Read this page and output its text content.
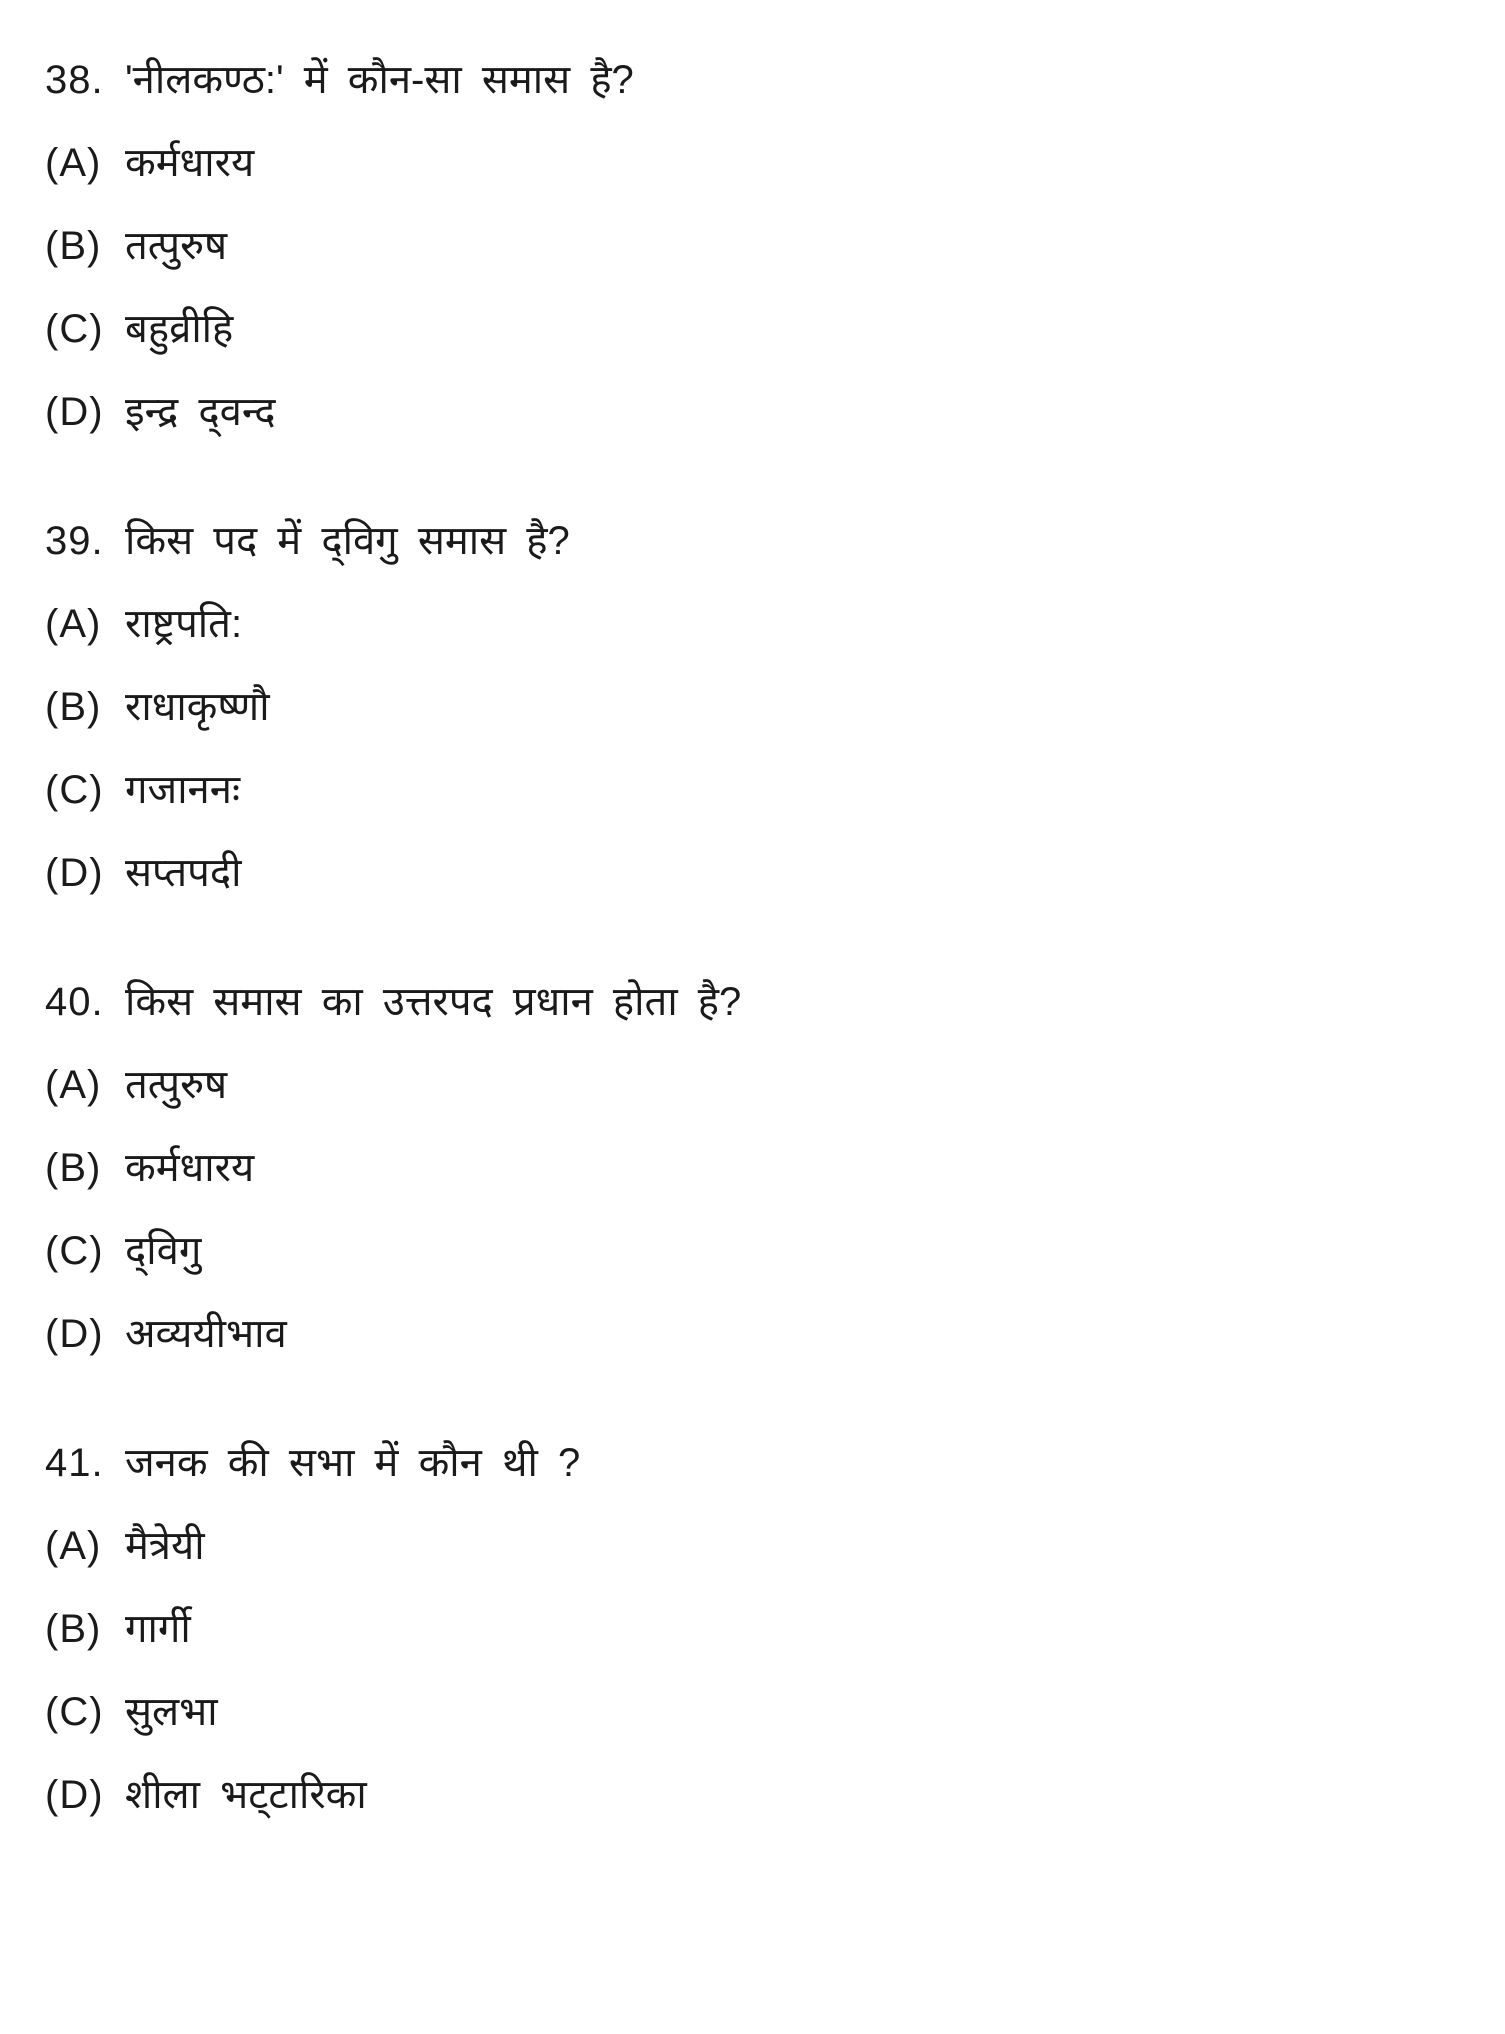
38. 'नीलकण्ठ:' में कौन-सा समास है?
(A) कर्मधारय
(B) तत्पुरुष
(C) बहुव्रीहि
(D) इन्द्र द्‌वन्द
39. किस पद में द्‌विगु समास है?
(A) राष्ट्रपति:
(B) राधाकृष्णौ
(C) गजाननः
(D) सप्तपदी
40. किस समास का उत्तरपद प्रधान होता है?
(A) तत्पुरुष
(B) कर्मधारय
(C) द्‌विगु
(D) अव्ययीभाव
41. जनक की सभा में कौन थी ?
(A) मैत्रेयी
(B) गार्गी
(C) सुलभा
(D) शीला भट्‌टारिका
